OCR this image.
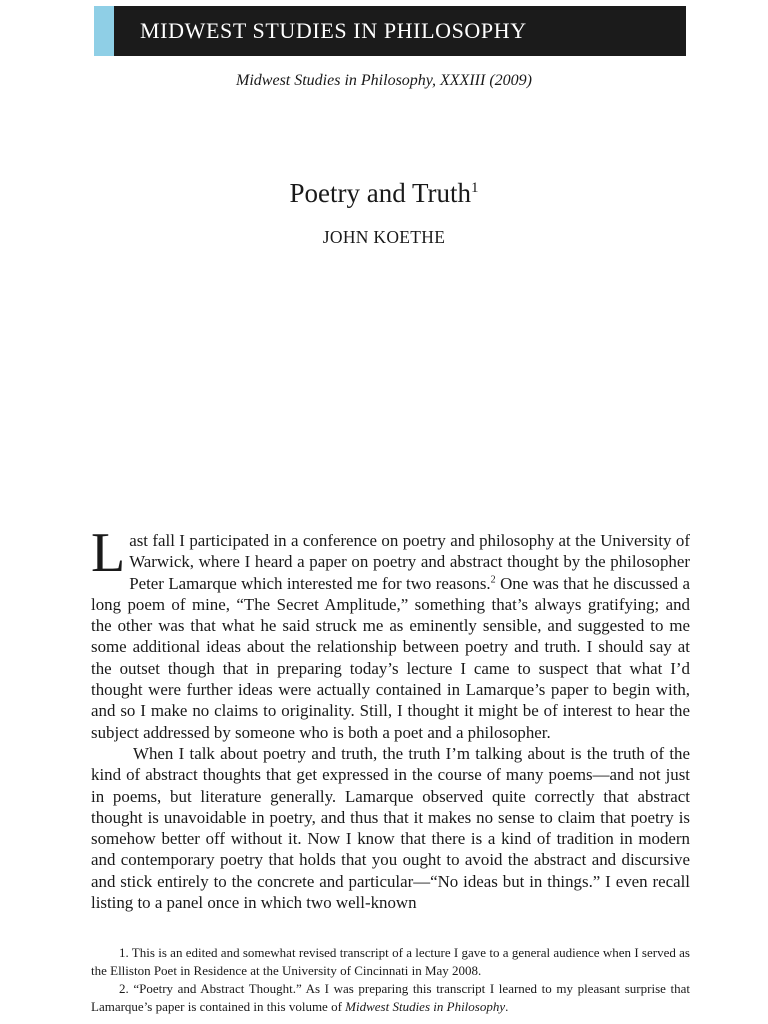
MIDWEST STUDIES IN PHILOSOPHY
Midwest Studies in Philosophy, XXXIII (2009)
Poetry and Truth$^1$
JOHN KOETHE

Last fall I participated in a conference on poetry and philosophy at the University of Warwick, where I heard a paper on poetry and abstract thought by the philosopher Peter Lamarque which interested me for two reasons.$^2$ One was that he discussed a long poem of mine, “The Secret Amplitude,” something that’s always gratifying; and the other was that what he said struck me as eminently sensible, and suggested to me some additional ideas about the relationship between poetry and truth. I should say at the outset though that in preparing today’s lecture I came to suspect that what I’d thought were further ideas were actually contained in Lamarque’s paper to begin with, and so I make no claims to originality. Still, I thought it might be of interest to hear the subject addressed by someone who is both a poet and a philosopher.

When I talk about poetry and truth, the truth I’m talking about is the truth of the kind of abstract thoughts that get expressed in the course of many poems—and not just in poems, but literature generally. Lamarque observed quite correctly that abstract thought is unavoidable in poetry, and thus that it makes no sense to claim that poetry is somehow better off without it. Now I know that there is a kind of tradition in modern and contemporary poetry that holds that you ought to avoid the abstract and discursive and stick entirely to the concrete and particular—“No ideas but in things.” I even recall listing to a panel once in which two well-known

1. This is an edited and somewhat revised transcript of a lecture I gave to a general audience when I served as the Elliston Poet in Residence at the University of Cincinnati in May 2008.

2. “Poetry and Abstract Thought.” As I was preparing this transcript I learned to my pleasant surprise that Lamarque’s paper is contained in this volume of Midwest Studies in Philosophy.
